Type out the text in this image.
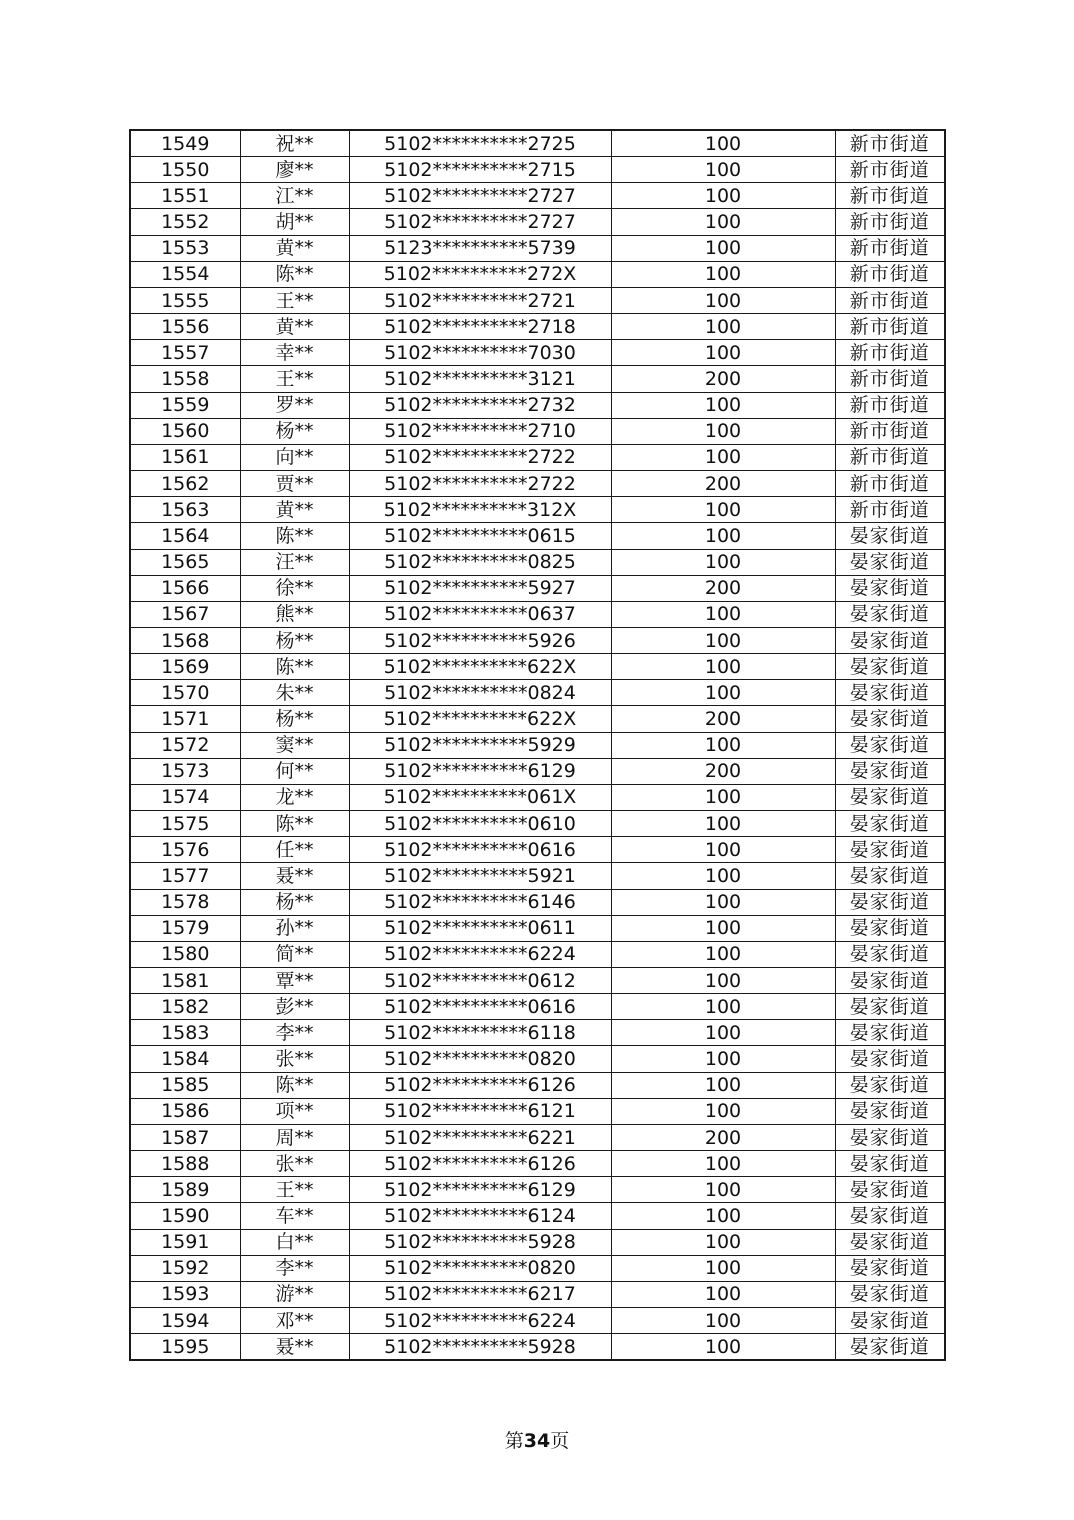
1549	祝**	5102**********2725	100	新市街道
1550	廖**	5102**********2715	100	新市街道
1551	江**	5102**********2727	100	新市街道
1552	胡**	5102**********2727	100	新市街道
1553	黄**	5123**********5739	100	新市街道
1554	陈**	5102**********272X	100	新市街道
1555	王**	5102**********2721	100	新市街道
1556	黄**	5102**********2718	100	新市街道
1557	幸**	5102**********7030	100	新市街道
1558	王**	5102**********3121	200	新市街道
1559	罗**	5102**********2732	100	新市街道
1560	杨**	5102**********2710	100	新市街道
1561	向**	5102**********2722	100	新市街道
1562	贾**	5102**********2722	200	新市街道
1563	黄**	5102**********312X	100	新市街道
1564	陈**	5102**********0615	100	晏家街道
1565	汪**	5102**********0825	100	晏家街道
1566	徐**	5102**********5927	200	晏家街道
1567	熊**	5102**********0637	100	晏家街道
1568	杨**	5102**********5926	100	晏家街道
1569	陈**	5102**********622X	100	晏家街道
1570	朱**	5102**********0824	100	晏家街道
1571	杨**	5102**********622X	200	晏家街道
1572	窦**	5102**********5929	100	晏家街道
1573	何**	5102**********6129	200	晏家街道
1574	龙**	5102**********061X	100	晏家街道
1575	陈**	5102**********0610	100	晏家街道
1576	任**	5102**********0616	100	晏家街道
1577	聂**	5102**********5921	100	晏家街道
1578	杨**	5102**********6146	100	晏家街道
1579	孙**	5102**********0611	100	晏家街道
1580	简**	5102**********6224	100	晏家街道
1581	覃**	5102**********0612	100	晏家街道
1582	彭**	5102**********0616	100	晏家街道
1583	李**	5102**********6118	100	晏家街道
1584	张**	5102**********0820	100	晏家街道
1585	陈**	5102**********6126	100	晏家街道
1586	项**	5102**********6121	100	晏家街道
1587	周**	5102**********6221	200	晏家街道
1588	张**	5102**********6126	100	晏家街道
1589	王**	5102**********6129	100	晏家街道
1590	车**	5102**********6124	100	晏家街道
1591	白**	5102**********5928	100	晏家街道
1592	李**	5102**********0820	100	晏家街道
1593	游**	5102**********6217	100	晏家街道
1594	邓**	5102**********6224	100	晏家街道
1595	聂**	5102**********5928	100	晏家街道
第34页
